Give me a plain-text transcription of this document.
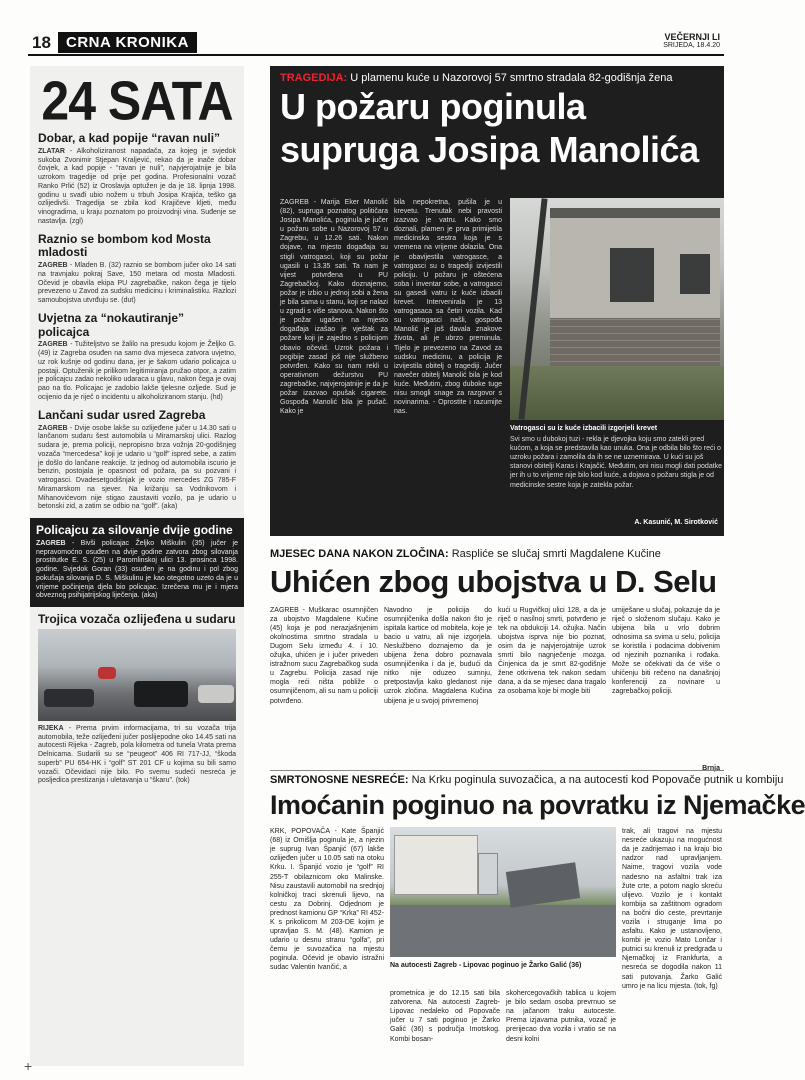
18	CRNA KRONIKA	VEČERNJI LI
SRIJEDA, 18.4.20
24 SATA
Dobar, a kad popije “ravan nuli”

ZLATAR - Alkoholiziranost napadača, za kojeg je svjedok sukoba Zvonimir Stjepan Kraljević, rekao da je inače dobar čovjek, a kad popije - “ravan je nuli”, najvjerojatnije je bila uzrokom tragedije od prije pet godina. Profesionalni vozač Ranko Prlić (52) iz Oroslavja optužen je da je 18. lipnja 1998. godinu u svađi ubio nožem u trbuh Josipa Krajića, teško ga ozlijedivši. Tragedija se zbila kod Krajičeve kljeti, među vinogradima, u kraju poznatom po proizvodnji vina. Suđenje se nastavlja. (zgl)

Raznio se bombom kod Mosta mladosti

ZAGREB - Mladen B. (32) raznio se bombom jučer oko 14 sati na travnjaku pokraj Save, 150 metara od mosta Mladosti. Očevid je obavila ekipa PU zagrebačke, nakon čega je tijelo prevezeno u Zavod za sudsku medicinu i kriminalistiku. Razlozi samoubojstva utvrđuju se. (dut)

Uvjetna za “nokautiranje” policajca

ZAGREB - Tužiteljstvo se žalilo na presudu kojom je Željko G. (49) iz Zagreba osuđen na samo dva mjeseca zatvora uvjetno, uz rok kušnje od godinu dana, jer je šakom udario policajca u postaji. Optuženik je prilikom legitimiranja pružao otpor, a zatim je policajcu zadao nekoliko udaraca u glavu, nakon čega je ovaj pao na tlo. Policajac je zadobio lakše tjelesne ozljede. Sud je ocijenio da je riječ o incidentu u alkoholiziranom stanju. (hd)

Lančani sudar usred Zagreba

ZAGREB - Dvije osobe lakše su ozlijeđene jučer u 14.30 sati u lančanom sudaru šest automobila u Miramarskoj ulici. Razlog sudara je, prema policiji, nepropisno brza vožnja 20-godišnjeg vozača “mercedesa” koji je udario u “golf” ispred sebe, a zatim je došlo do lančane reakcije. Iz jednog od automobila iscurio je benzin, postojala je opasnost od požara, pa su pozvani i vatrogasci. Dvadesetgodišnjak je vozio mercedes ZG 785-F Miramarskom na sjever. Na križanju sa Vodnikovom i Mihanovićevom nije stigao zaustaviti vozilo, pa je udario u betonski zid, a zatim se odbio na “golf”. (aka)

Policajcu za silovanje dvije godine

ZAGREB - Bivši policajac Željko Miškulin (35) jučer je nepravomoćno osuđen na dvije godine zatvora zbog silovanja prostitutke E. S. (25) u Paromlinskoj ulici 13. prosinca 1998. godine. Svjedok Goran (33) osuđen je na godinu i pol zbog pokušaja silovanja D. S. Miškulinu je kao otegotno uzeto da je u vrijeme počinjenja djela bio policajac. Izrečena mu je i mjera obveznog psihijatrijskog liječenja. (aka)

Trojica vozača ozlijeđena u sudaru

RIJEKA - Prema prvim informacijama, tri su vozača trija automobila, teže ozlijeđeni jučer poslijepodne oko 14.45 sati na autocesti Rijeka - Zagreb, pola kilometra od tunela Vrata prema Delnicama. Sudarili su se “peugeot” 406 RI 717-JJ, “škoda superb” PU 654-HK i “golf” ST 201 CF u kojima su bili samo vozači. Očevidaci nije bilo. Po svemu sudeći nesreća je posljedica prestizanja i uletavanja u “škaru”. (tok)

TRAGEDIJA: U plamenu kuće u Nazorovoj 57 smrtno stradala 82-godišnja žena
U požaru poginula
supruga Josipa Manolića
ZAGREB - Marija Eker Manolić (82), supruga poznatog političara Josipa Manolića, poginula je jučer u požaru sobe u Nazorovoj 57 u Zagrebu, u 12.26 sati. Nakon dojave, na mjesto događaja su stigli vatrogasci, koji su požar ugasili u 13.35 sati. Ta nam je vijest potvrđena u PU Zagrebačkoj. Kako doznajemo, požar je izbio u jednoj sobi a žena je bila sama u stanu, koji se nalazi u zgradi s više stanova. Nakon što je požar ugašen na mjesto događaja izašao je vještak za požare koji je zajedno s policijom obavio očevid. Uzrok požara i pogibije zasad još nije službeno potvrđen. Kako su nam rekli u operativnom dežurstvu PU zagrebačke, najvjerojatnije je da je požar izazvao opušak cigarete. Gospođa Manolić bila je pušač. Kako je
bila nepokretna, pušila je u krevetu. Trenutak nebi pravosti izazvao je vatru. Kako smo doznali, plamen je prva primijetila medicinska sestra koja je s vremena na vrijeme dolazila. Ona je obavijestila vatrogasce, a vatrogasci su o tragediji izvijestili policiju. U požaru je oštećena soba i inventar sobe, a vatrogasci su gasedi vatru iz kuće izbacili krevet. Intervenirala je 13 vatrogasaca sa četiri vozila. Kad su vatrogasci našli, gospođa Manolić je još davala znakove života, ali je ubrzo preminula. Tijelo je prevezeno na Zavod za sudsku medicinu, a policija je izvijestila obitelj o tragediji. Jučer navečer obitelj Manolić bila je kod kuće. Međutim, zbog duboke tuge nisu smogli snage za razgovor s novinarima. - Oprostite i razumijte nas.
Vatrogasci su iz kuće izbacili izgorjeli krevet
Svi smo u dubokoj tuzi - rekla je djevojka koju smo zatekli pred kućom, a koja se predstavila kao unuka. Ona je odbila bilo što reći o uzroku požara i zamolila da ih se ne uznemirava. U kući su još stanovi obitelji Karas i Krajačić. Međutim, oni nisu mogli dati podatke jer ih u to vrijeme nije bilo kod kuće, a dojava o požaru stigla je od medicinske sestre koja je zatekla požar.
A. Kasunić, M. Sirotković
MJESEC DANA NAKON ZLOČINA: Raspliće se slučaj smrti Magdalene Kučine
Uhićen zbog ubojstva u D. Selu
ZAGREB - Muškarac osumnjičen za ubojstvo Magdalene Kučine (45) koja je pod nerazjašnjenim okolnostima smrtno stradala u Dugom Selu između 4. i 10. ožujka, uhićen je i jučer priveden istražnom sucu Zagrebačkog suda u Zagrebu. Policija zasad nije mogla reći ništa pobliže o osumnjičenom, ali su nam u policiji potvrđeno.
Navodno je policija do osumnjičenika došla nakon što je ispitala kartice od mobitela, koje je bacio u vatru, ali nije izgorjela. Neslužbeno doznajemo da je ubijena žena dobro poznavala osumnjičenika i da je, budući da nitko nije oduzeo sumnju, pretpostavlja kako gledanost nije uzrok zločina. Magdalena Kučina ubijena je u svojoj privremenoj
kući u Rugvičkoj ulici 128, a da je riječ o nasilnoj smrti, potvrđeno je tek na obdukciji 14. ožujka. Način ubojstva isprva nije bio poznat, osim da je najvjerojatnije uzrok smrti bilo nagnječenje mozga. Činjenica da je smrt 82-godišnje žene otkrivena tek nakon sedam dana, a da se mjesec dana tragalo za osobama koje bi mogle biti
umiješane u slučaj, pokazuje da je riječ o složenom slučaju. Kako je ubijena bila u vrlo dobrim odnosima sa svima u selu, policija se koristila i podacima dobivenim od njezinih poznanika i rođaka. Može se očekivati da će više o uhićenju biti rečeno na današnjoj konferenciji za novinare u zagrebačkoj policiji.
Brnja
SMRTONOSNE NESREĆE: Na Krku poginula suvozačica, a na autocesti kod Popovače putnik u kombiju
Imoćanin poginuo na povratku iz Njemačke
KRK, POPOVAČA - Kate Španjić (68) iz Omišlja poginula je, a njezin je suprug Ivan Španjić (67) lakše ozlijeđen jučer u 10.05 sati na otoku Krku. I. Španjić vozio je “golf” RI 255-T obilaznicom oko Malinske. Nisu zaustavili automobil na srednjoj kolničkoj traci skrenuli lijevo, na cestu za Dobrinj. Odjednom je prednost kamionu GP “Krka” RI 452-K s prikolicom M 203-DE kojim je upravljao S. M. (48). Kamion je udario u desnu stranu “golfa”, pri čemu je suvozačica na mjestu poginula. Očevid je obavio istražni sudac Valentin Ivančić, a	Na autocesti Zagreb - Lipovac poginuo je Žarko Galić (36)
prometnica je do 12.15 sati bila zatvorena. Na autocesti Zagreb-Lipovac nedaleko od Popovače jučer u 7 sati poginuo je Žarko Galić (36) s područja Imotskog. Kombi bosan-
skohercegovačkih tablica u kojem je bilo sedam osoba prevrnuo se na jačanom traku autoceste. Prema izjavama putnika, vozač je prerijecao dva vozila i vratio se na desni kolni
trak, ali tragovi na mjestu nesreće ukazuju na mogućnost da je zadrijemao i na kraju bio nadzor nad upravljanjem. Naime, tragovi vozila vode nadesno na asfaltni trak iza žute crte, a potom naglo skreću ulijevo. Vozilo je i kontakt kombija sa zaštitnom ogradom na bočni dio ceste, prevrtanje vozila i struganje lima po asfaltu. Kako je ustanovljeno, kombi je vozio Mato Lončar i putnici su krenuli iz predgrađa u Njemačkoj iz Frankfurta, a nesreća se dogodila nakon 11 sati putovanja. Žarko Galić umro je na licu mjesta. (tok, fg)
+
